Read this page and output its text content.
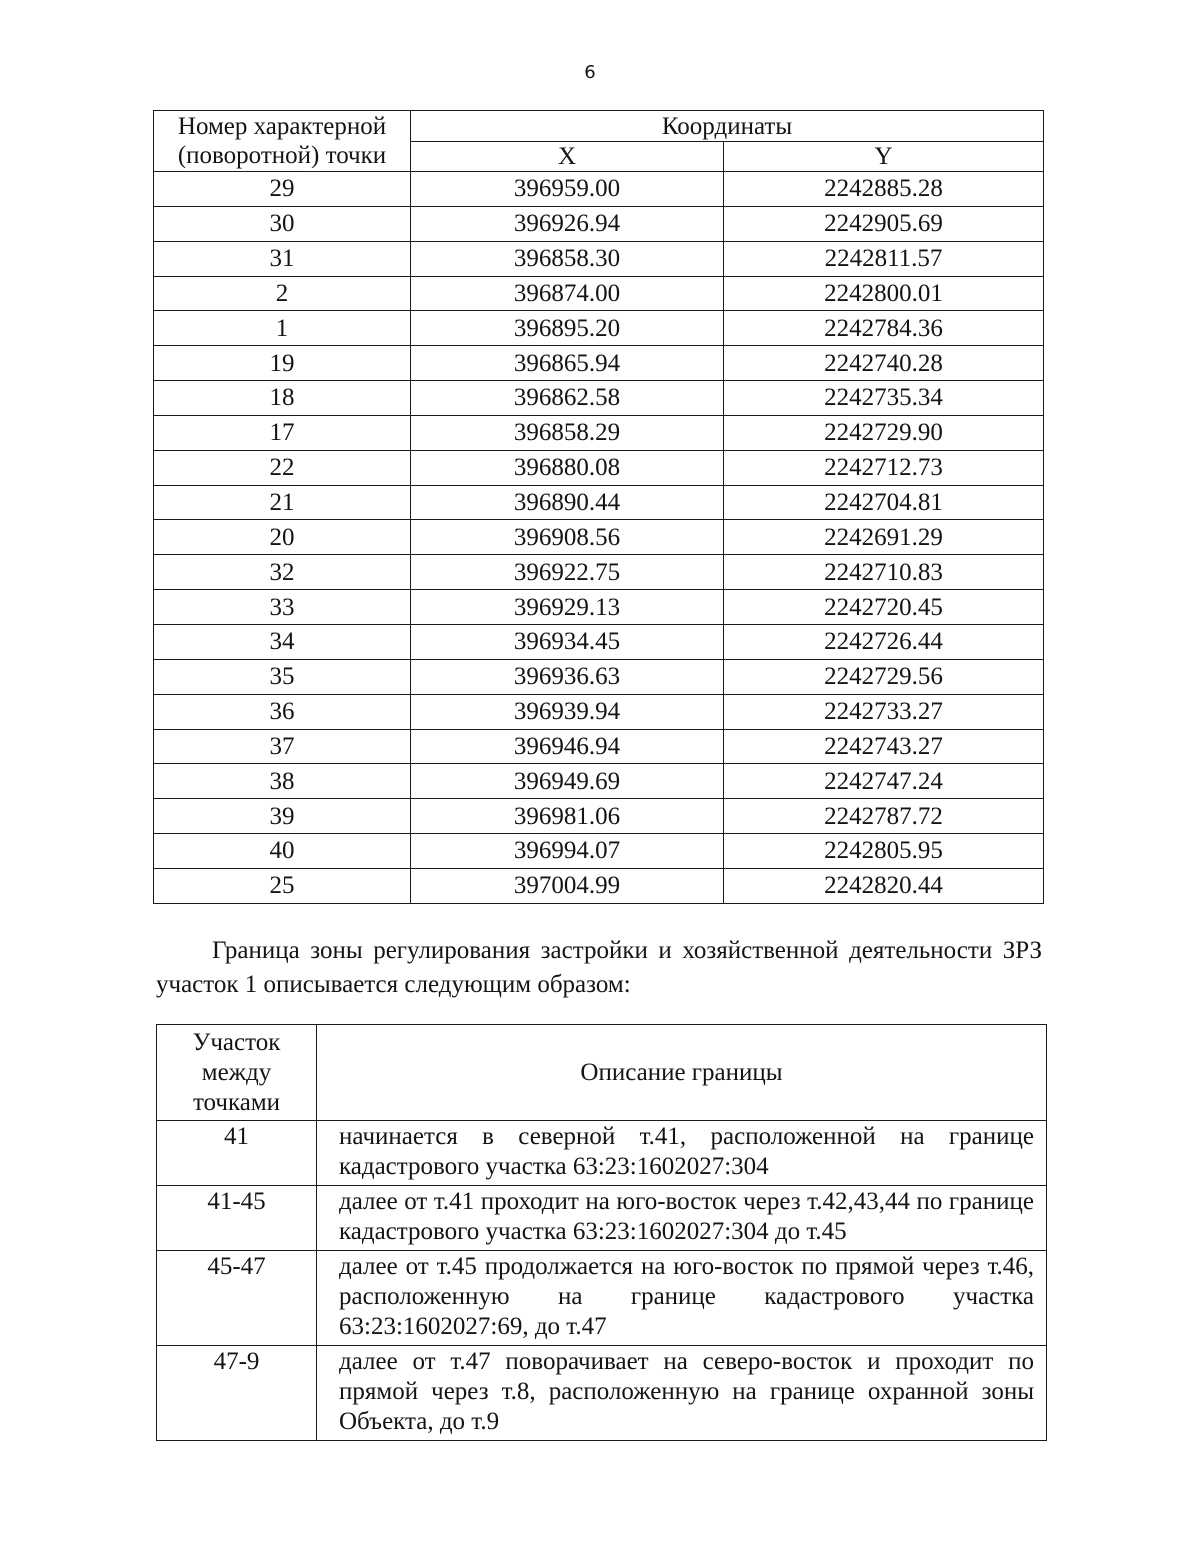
6
Номер характерной (поворотной) точки	Координаты	
	X	Y
29	396959.00	2242885.28
30	396926.94	2242905.69
31	396858.30	2242811.57
2	396874.00	2242800.01
1	396895.20	2242784.36
19	396865.94	2242740.28
18	396862.58	2242735.34
17	396858.29	2242729.90
22	396880.08	2242712.73
21	396890.44	2242704.81
20	396908.56	2242691.29
32	396922.75	2242710.83
33	396929.13	2242720.45
34	396934.45	2242726.44
35	396936.63	2242729.56
36	396939.94	2242733.27
37	396946.94	2242743.27
38	396949.69	2242747.24
39	396981.06	2242787.72
40	396994.07	2242805.95
25	397004.99	2242820.44
Граница зоны регулирования застройки и хозяйственной деятельности ЗРЗ участок 1 описывается следующим образом:
Участок между точками	Описание границы
41	начинается в северной т.41, расположенной на границе кадастрового участка 63:23:1602027:304
41-45	далее от т.41 проходит на юго-восток через т.42,43,44 по границе кадастрового участка 63:23:1602027:304 до т.45
45-47	далее от т.45 продолжается на юго-восток по прямой через т.46, расположенную на границе кадастрового участка 63:23:1602027:69, до т.47
47-9	далее от т.47 поворачивает на северо-восток и проходит по прямой через т.8, расположенную на границе охранной зоны Объекта, до т.9
